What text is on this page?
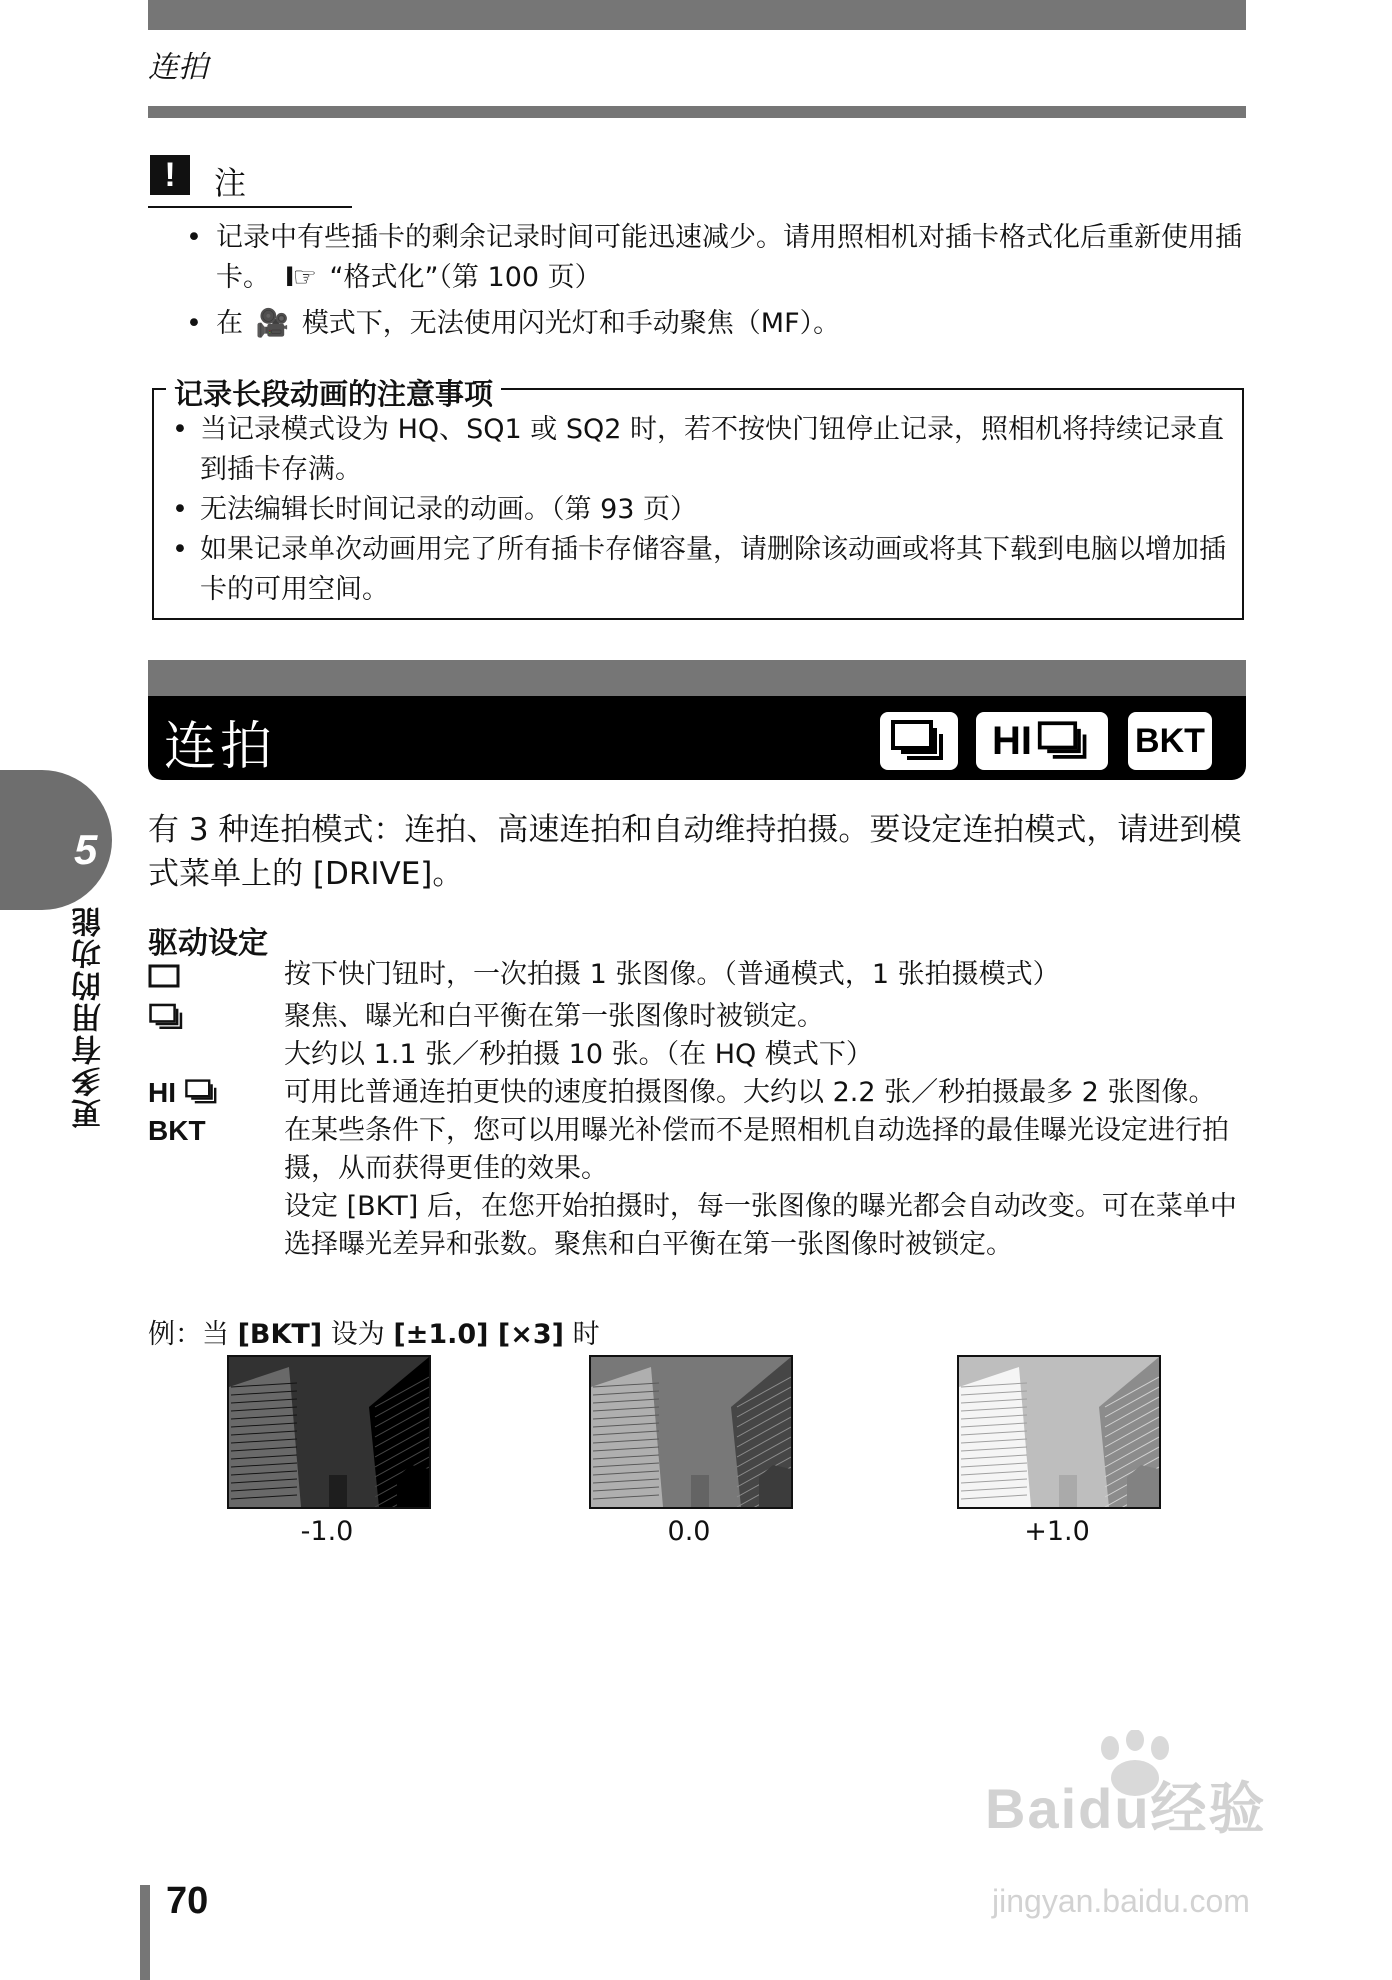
连拍
!	注
• 记录中有些插卡的剩余记录时间可能迅速减少。请用照相机对插卡格式化后重新使用插卡。 I☞ “格式化”（第 100 页）
• 在 🎥 模式下，无法使用闪光灯和手动聚焦（MF）。
记录长段动画的注意事项
• 当记录模式设为 HQ、SQ1 或 SQ2 时，若不按快门钮停止记录，照相机将持续记录直到插卡存满。
• 无法编辑长时间记录的动画。（第 93 页）
• 如果记录单次动画用完了所有插卡存储容量，请删除该动画或将其下载到电脑以增加插卡的可用空间。
连拍	HI	BKT
5
更多有用的功能
有 3 种连拍模式：连拍、高速连拍和自动维持拍摄。要设定连拍模式，请进到模式菜单上的 [DRIVE]。
驱动设定
按下快门钮时，一次拍摄 1 张图像。（普通模式，1 张拍摄模式）
聚焦、曝光和白平衡在第一张图像时被锁定。
大约以 1.1 张／秒拍摄 10 张。（在 HQ 模式下）
HI	可用比普通连拍更快的速度拍摄图像。大约以 2.2 张／秒拍摄最多 2 张图像。
BKT	在某些条件下，您可以用曝光补偿而不是照相机自动选择的最佳曝光设定进行拍摄，从而获得更佳的效果。
设定 [BKT] 后，在您开始拍摄时，每一张图像的曝光都会自动改变。可在菜单中选择曝光差异和张数。聚焦和白平衡在第一张图像时被锁定。
例：当 [BKT] 设为 [±1.0] [×3] 时
-1.0	0.0	+1.0
70
Baidu经验
jingyan.baidu.com
